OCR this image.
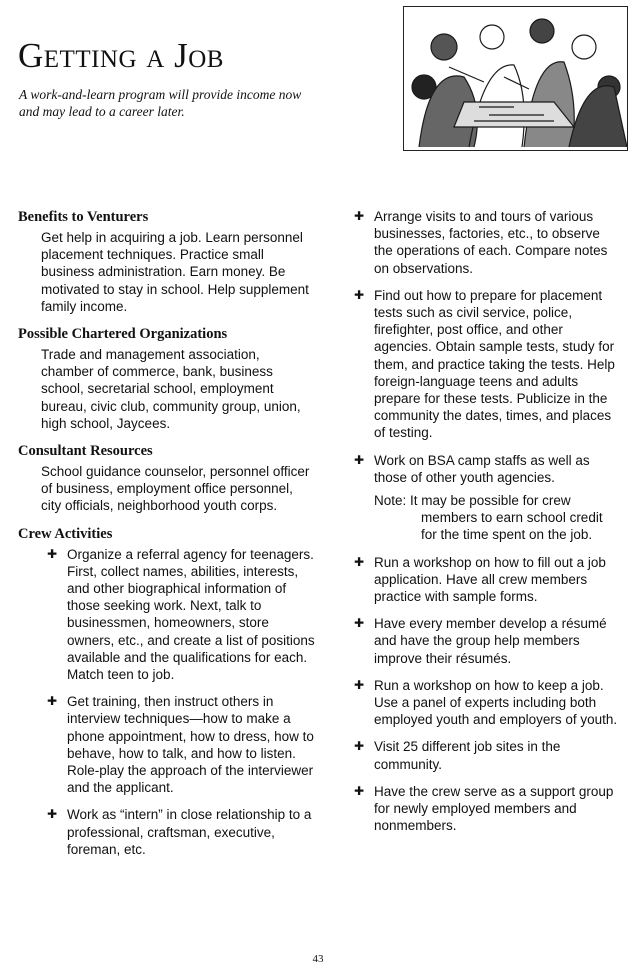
Getting a Job

A work-and-learn program will provide income now and may lead to a career later.

Benefits to Venturers

Get help in acquiring a job. Learn personnel placement techniques. Practice small business administration. Earn money. Be motivated to stay in school. Help supplement family income.

Possible Chartered Organizations

Trade and management association, chamber of commerce, bank, business school, secretarial school, employment bureau, civic club, community group, union, high school, Jaycees.

Consultant Resources

School guidance counselor, personnel officer of business, employment office personnel, city officials, neighborhood youth corps.

Crew Activities
✚ Organize a referral agency for teenagers. First, collect names, abilities, interests, and other biographical information of those seeking work. Next, talk to businessmen, homeowners, store owners, etc., and create a list of positions available and the qualifications for each. Match teen to job.
✚ Get training, then instruct others in interview techniques—how to make a phone appointment, how to dress, how to behave, how to talk, and how to listen. Role-play the approach of the interviewer and the applicant.
✚ Work as “intern” in close relationship to a professional, craftsman, executive, foreman, etc.
✚ Arrange visits to and tours of various businesses, factories, etc., to observe the operations of each. Compare notes on observations.
✚ Find out how to prepare for placement tests such as civil service, police, firefighter, post office, and other agencies. Obtain sample tests, study for them, and practice taking the tests. Help foreign-language teens and adults prepare for these tests. Publicize in the community the dates, times, and places of testing.
✚ Work on BSA camp staffs as well as those of other youth agencies.

Note: It may be possible for crew members to earn school credit for the time spent on the job.

✚ Run a workshop on how to fill out a job application. Have all crew members practice with sample forms.
✚ Have every member develop a résumé and have the group help members improve their résumés.
✚ Run a workshop on how to keep a job. Use a panel of experts including both employed youth and employers of youth.
✚ Visit 25 different job sites in the community.
✚ Have the crew serve as a support group for newly employed members and nonmembers.
43
